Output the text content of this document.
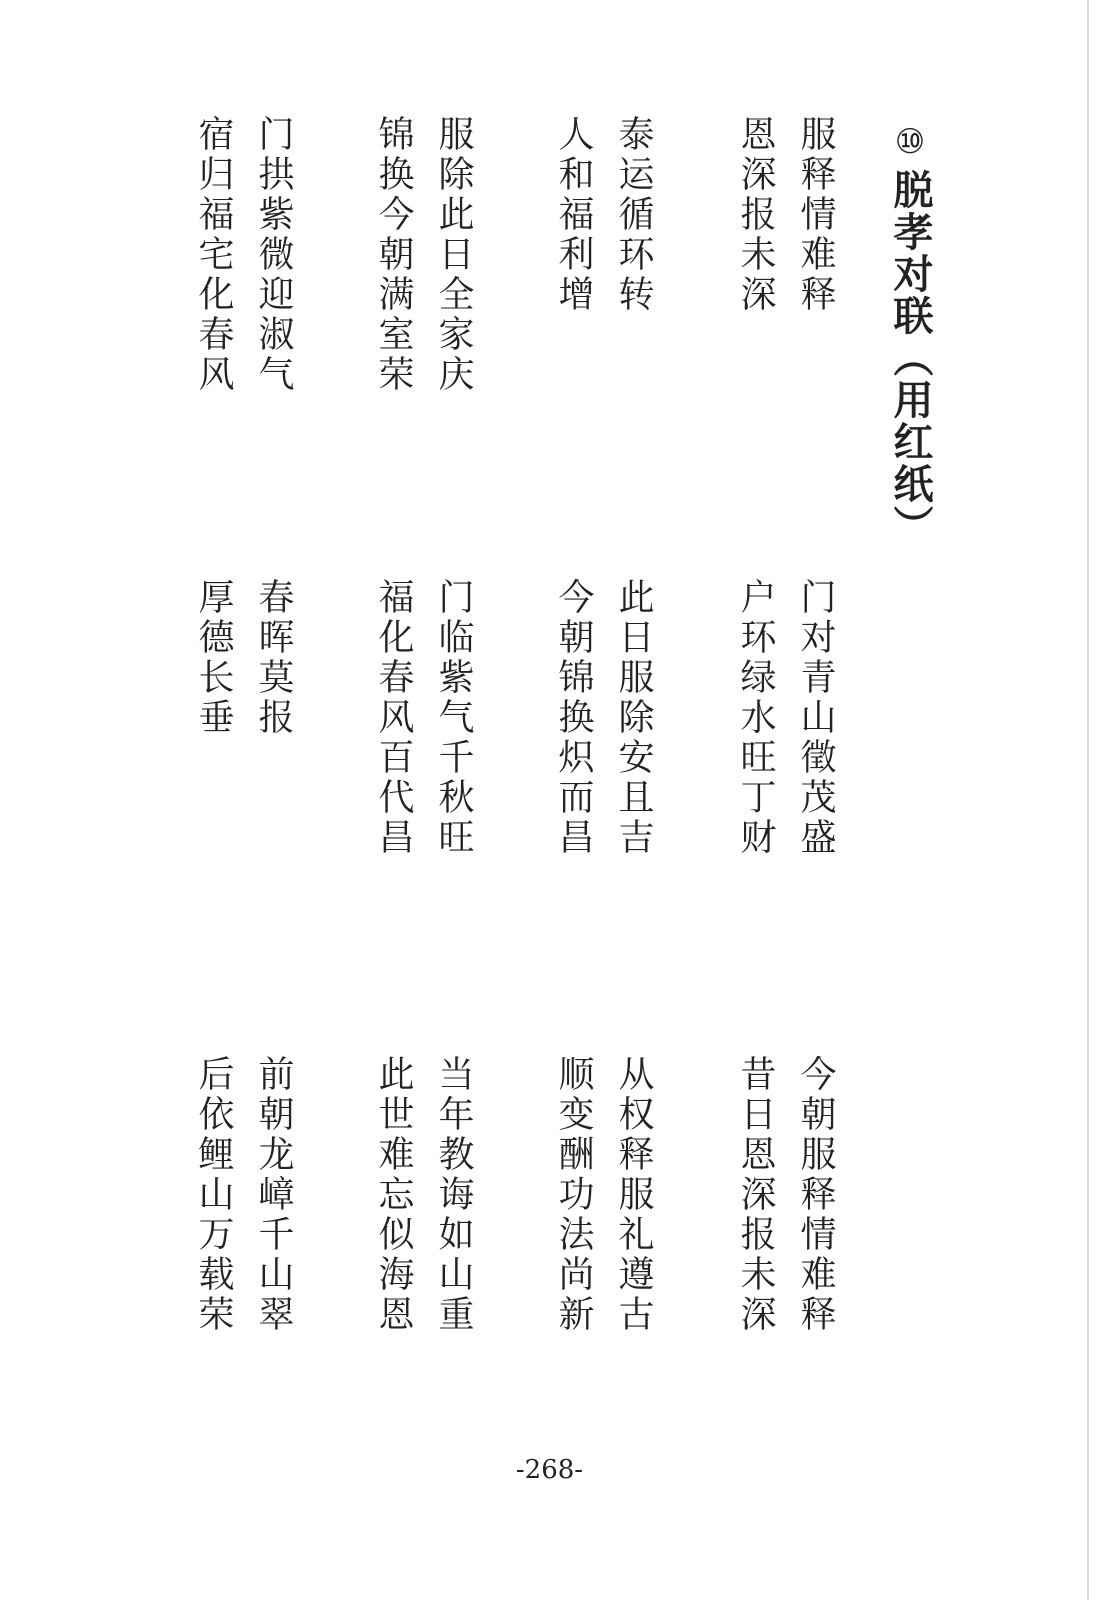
⑩
脱孝对联（用红纸）
服释情难释
恩深报未深
泰运循环转
人和福利增
服除此日全家庆
锦换今朝满室荣
门拱紫微迎淑气
宿归福宅化春风
门对青山徵茂盛
户环绿水旺丁财
此日服除安且吉
今朝锦换炽而昌
门临紫气千秋旺
福化春风百代昌
春晖莫报
厚德长垂
今朝服释情难释
昔日恩深报未深
从权释服礼遵古
顺变酬功法尚新
当年教诲如山重
此世难忘似海恩
前朝龙嶂千山翠
后依鲤山万载荣
-268-
